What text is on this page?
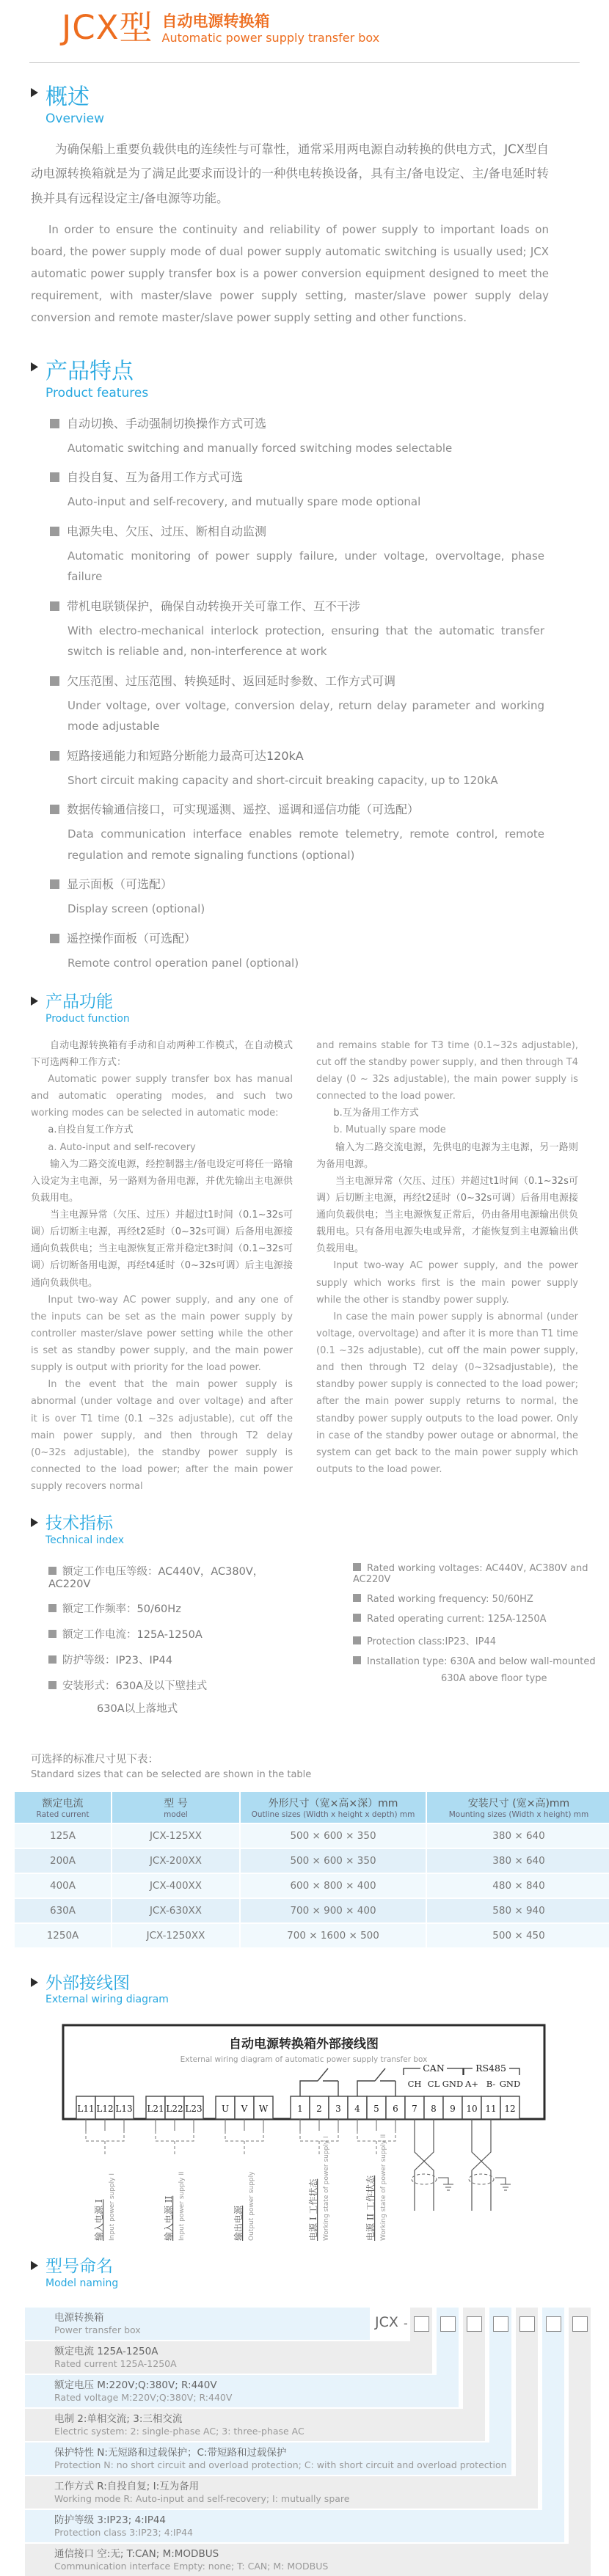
JCX型 自动电源转换箱
Automatic power supply transfer box
▶ 概述
Overview

为确保船上重要负载供电的连续性与可靠性，通常采用两电源自动转换的供电方式，JCX型自动电源转换箱就是为了满足此要求而设计的一种供电转换设备，具有主/备电设定、主/备电延时转换并具有远程设定主/备电源等功能。

In order to ensure the continuity and reliability of power supply to important loads on board, the power supply mode of dual power supply automatic switching is usually used; JCX automatic power supply transfer box is a power conversion equipment designed to meet the requirement, with master/slave power supply setting, master/slave power supply delay conversion and remote master/slave power supply setting and other functions.

▶ 产品特点
Product features
自动切换、手动强制切换操作方式可选
Automatic switching and manually forced switching modes selectable
自投自复、互为备用工作方式可选
Auto-input and self-recovery, and mutually spare mode optional
电源失电、欠压、过压、断相自动监测
Automatic monitoring of power supply failure, under voltage, overvoltage, phase failure
带机电联锁保护，确保自动转换开关可靠工作、互不干涉
With electro-mechanical interlock protection, ensuring that the automatic transfer switch is reliable and, non-interference at work
欠压范围、过压范围、转换延时、返回延时参数、工作方式可调
Under voltage, over voltage, conversion delay, return delay parameter and working mode adjustable
短路接通能力和短路分断能力最高可达120kA
Short circuit making capacity and short-circuit breaking capacity, up to 120kA
数据传输通信接口，可实现遥测、遥控、遥调和遥信功能（可选配）
Data communication interface enables remote telemetry, remote control, remote regulation and remote signaling functions (optional)
显示面板（可选配）
Display screen (optional)
遥控操作面板（可选配）
Remote control operation panel (optional)
▶ 产品功能
Product function

自动电源转换箱有手动和自动两种工作模式，在自动模式下可选两种工作方式：

Automatic power supply transfer box has manual and automatic operating modes, and such two working modes can be selected in automatic mode:

a.自投自复工作方式

a. Auto-input and self-recovery

输入为二路交流电源，经控制器主/备电设定可将任一路输入设定为主电源，另一路则为备用电源，并优先输出主电源供负载用电。

当主电源异常（欠压、过压）并超过t1时间（0.1~32s可调）后切断主电源，再经t2延时（0~32s可调）后备用电源接通向负载供电；当主电源恢复正常并稳定t3时间（0.1~32s可调）后切断备用电源，再经t4延时（0~32s可调）后主电源接通向负载供电。

Input two-way AC power supply, and any one of the inputs can be set as the main power supply by controller master/slave power setting while the other is set as standby power supply, and the main power supply is output with priority for the load power.

In the event that the main power supply is abnormal (under voltage and over voltage) and after it is over T1 time (0.1 ~32s adjustable), cut off the main power supply, and then through T2 delay (0~32s adjustable), the standby power supply is connected to the load power; after the main power supply recovers normal

and remains stable for T3 time (0.1~32s adjustable), cut off the standby power supply, and then through T4 delay (0 ~ 32s adjustable), the main power supply is connected to the load power.

b.互为备用工作方式

b. Mutually spare mode

输入为二路交流电源，先供电的电源为主电源，另一路则为备用电源。

当主电源异常（欠压、过压）并超过t1时间（0.1~32s可调）后切断主电源，再经t2延时（0~32s可调）后备用电源接通向负载供电；当主电源恢复正常后，仍由备用电源输出供负载用电。只有备用电源失电或异常，才能恢复到主电源输出供负载用电。

Input two-way AC power supply, and the power supply which works first is the main power supply while the other is standby power supply.

In case the main power supply is abnormal (under voltage, overvoltage) and after it is more than T1 time (0.1 ~32s adjustable), cut off the main power supply, and then through T2 delay (0~32sadjustable), the standby power supply is connected to the load power; after the main power supply returns to normal, the standby power supply outputs to the load power. Only in case of the standby power outage or abnormal, the system can get back to the main power supply which outputs to the load power.

▶ 技术指标
Technical index
额定工作电压等级：AC440V，AC380V，AC220V
额定工作频率：50/60Hz
额定工作电流：125A-1250A
防护等级：IP23、IP44
安装形式：630A及以下壁挂式
630A以上落地式
Rated working voltages: AC440V, AC380V and AC220V
Rated working frequency: 50/60HZ
Rated operating current: 125A-1250A
Protection class:IP23、IP44
Installation type: 630A and below wall-mounted
630A above floor type
可选择的标准尺寸见下表：
Standard sizes that can be selected are shown in the table
额定电流
Rated current

型 号
model

外形尺寸（宽×高×深）mm
Outline sizes (Width x height x depth) mm

安装尺寸 (宽×高)mm
Mounting sizes (Width x height) mm

125A	JCX-125XX	500 × 600 × 350	380 × 640
200A	JCX-200XX	500 × 600 × 350	380 × 640
400A	JCX-400XX	600 × 800 × 400	480 × 840
630A	JCX-630XX	700 × 900 × 400	580 × 940
1250A	JCX-1250XX	700 × 1600 × 500	500 × 450
▶ 外部接线图
External wiring diagram
自动电源转换箱外部接线图
External wiring diagram of automatic power supply transfer box
CAN	RS485
CH CL GND A+ B- GND
L11 L12 L13 L21 L22 L23 U V W	1 2 3 4 5 6 7 8 9 10 11 12
输入电源 I Input power supply I	输入电源 II Input power supply II	输出电源 Output power supply	电源 I 工作状态 Working state of power supply I	电源 II 工作状态 Working state of power supply II
▶ 型号命名
Model naming
-
JCX
电源转换箱
Power transfer box
额定电流 125A-1250A
Rated current 125A-1250A
额定电压 M:220V;Q:380V; R:440V
Rated voltage M:220V;Q:380V; R:440V
电制 2:单相交流; 3:三相交流
Electric system: 2: single-phase AC; 3: three-phase AC
保护特性 N:无短路和过载保护；C:带短路和过载保护
Protection N: no short circuit and overload protection; C: with short circuit and overload protection
工作方式 R:自投自复; I:互为备用
Working mode R: Auto-input and self-recovery; I: mutually spare
防护等级 3:IP23; 4:IP44
Protection class 3:IP23; 4:IP44
通信接口 空:无; T:CAN; M:MODBUS
Communication interface Empty: none; T: CAN; M: MODBUS
